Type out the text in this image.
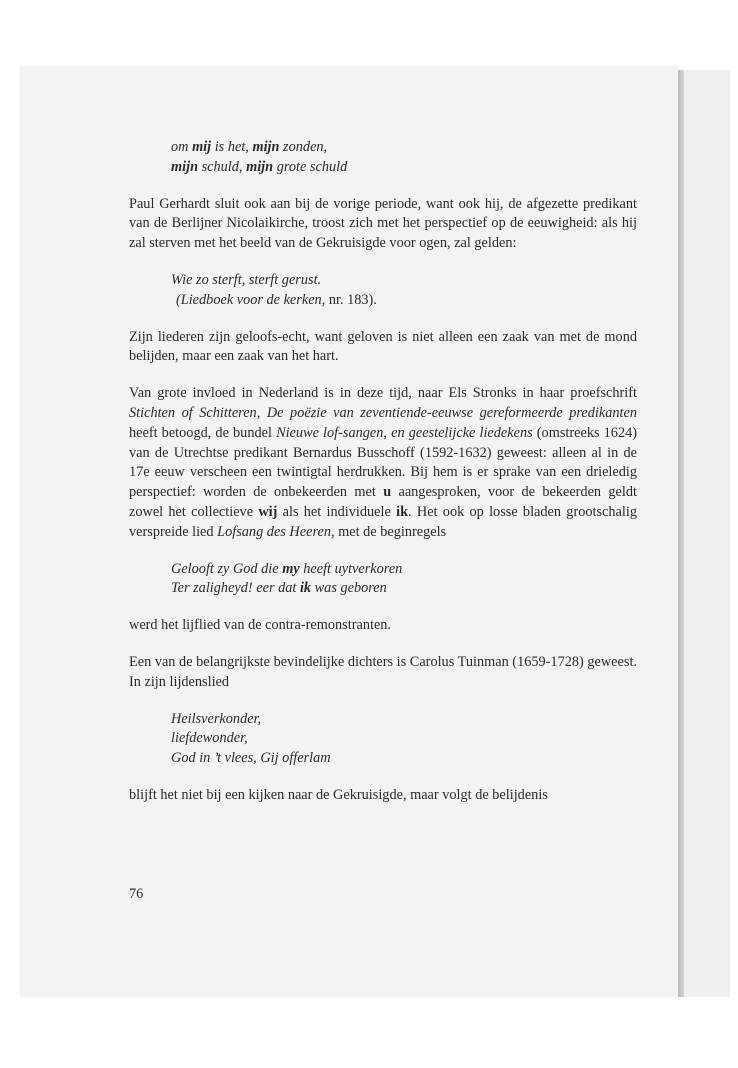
om mij is het, mijn zonden,
mijn schuld, mijn grote schuld

Paul Gerhardt sluit ook aan bij de vorige periode, want ook hij, de afgezette predikant van de Berlijner Nicolaikirche, troost zich met het perspectief op de eeuwigheid: als hij zal sterven met het beeld van de Gekruisigde voor ogen, zal gelden:

Wie zo sterft, sterft gerust.
(Liedboek voor de kerken, nr. 183).

Zijn liederen zijn geloofs-echt, want geloven is niet alleen een zaak van met de mond belijden, maar een zaak van het hart.

Van grote invloed in Nederland is in deze tijd, naar Els Stronks in haar proefschrift Stichten of Schitteren, De poëzie van zeventiende-eeuwse gereformeerde predikanten heeft betoogd, de bundel Nieuwe lof-sangen, en geestelijcke liedekens (omstreeks 1624) van de Utrechtse predikant Bernardus Busschoff (1592-1632) geweest: alleen al in de 17e eeuw verscheen een twintigtal herdrukken. Bij hem is er sprake van een drieledig perspectief: worden de onbekeerden met u aangesproken, voor de bekeerden geldt zowel het collectieve wij als het individuele ik. Het ook op losse bladen grootschalig verspreide lied Lofsang des Heeren, met de beginregels

Gelooft zy God die my heeft uytverkoren
Ter zaligheyd! eer dat ik was geboren

werd het lijflied van de contra-remonstranten.

Een van de belangrijkste bevindelijke dichters is Carolus Tuinman (1659-1728) geweest. In zijn lijdenslied

Heilsverkonder,
liefdewonder,
God in ’t vlees, Gij offerlam

blijft het niet bij een kijken naar de Gekruisigde, maar volgt de belijdenis

76
